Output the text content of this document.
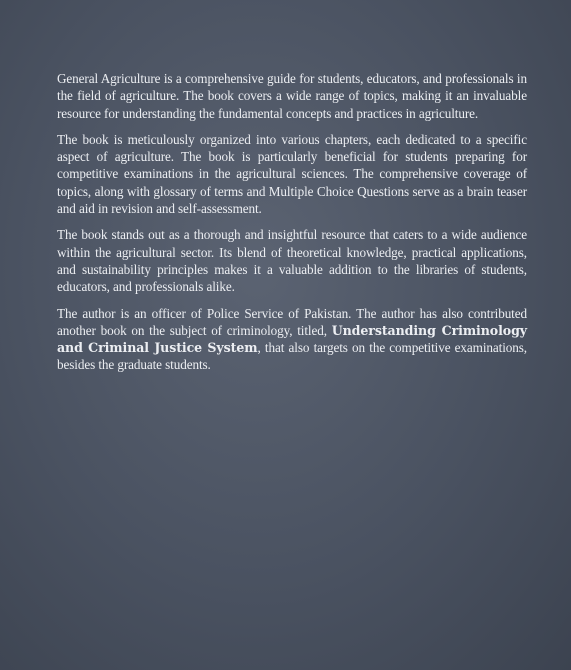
General Agriculture is a comprehensive guide for students, educators, and professionals in the field of agriculture. The book covers a wide range of topics, making it an invaluable resource for understanding the fundamental concepts and practices in agriculture.

The book is meticulously organized into various chapters, each dedicated to a specific aspect of agriculture. The book is particularly beneficial for students preparing for competitive examinations in the agricultural sciences. The comprehensive coverage of topics, along with glossary of terms and Multiple Choice Questions serve as a brain teaser and aid in revision and self-assessment.

The book stands out as a thorough and insightful resource that caters to a wide audience within the agricultural sector. Its blend of theoretical knowledge, practical applications, and sustainability principles makes it a valuable addition to the libraries of students, educators, and professionals alike.

The author is an officer of Police Service of Pakistan. The author has also contributed another book on the subject of criminology, titled, Understanding Criminology and Criminal Justice System, that also targets on the competitive examinations, besides the graduate students.
